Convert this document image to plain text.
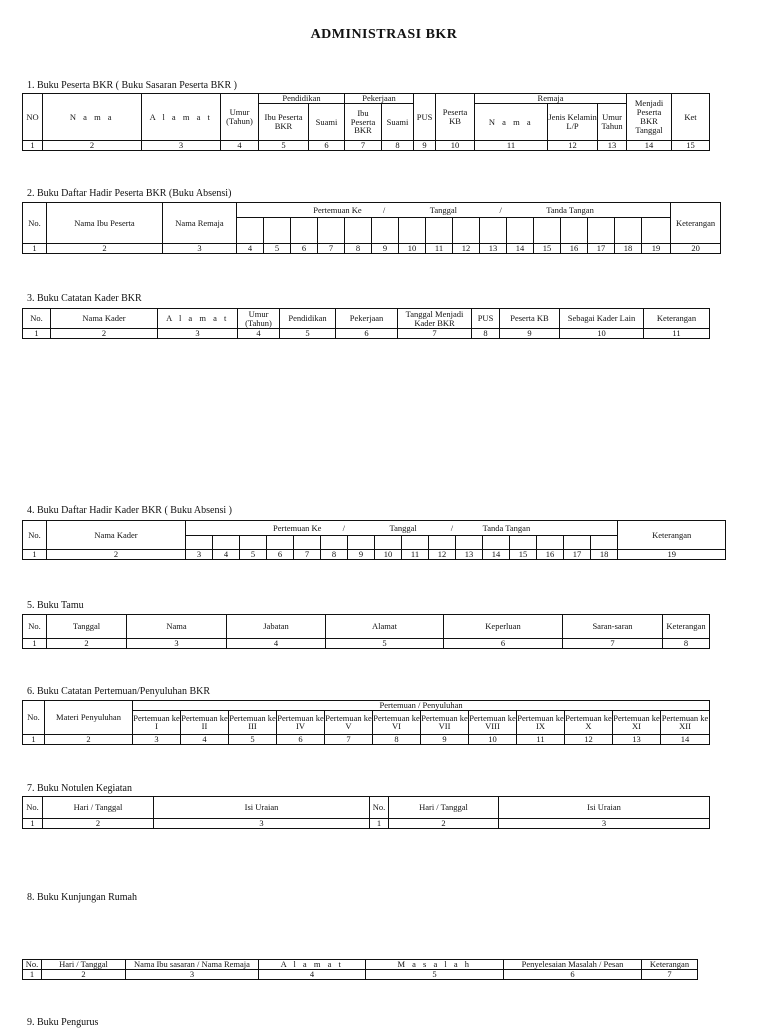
ADMINISTRASI BKR
1. Buku Peserta BKR ( Buku Sasaran Peserta BKR )
NO	N a m a	A l a m a t	Umur (Tahun)	Pendidikan		Pekerjaan		PUS	Peserta KB	Remaja			Menjadi Peserta BKR Tanggal	Ket
				Ibu Peserta BKR	Suami	Ibu Peserta BKR	Suami			N a m a	Jenis Kelamin L/P	Umur Tahun		
1	2	3	4	5	6	7	8	9	10	11	12	13	14	15
2. Buku Daftar Hadir Peserta BKR (Buku Absensi)
No.	Nama Ibu Peserta	Nama Remaja	Pertemuan Ke          /                     Tanggal                    /                     Tanda Tangan																Keterangan

1	2	3	4	5	6	7	8	9	10	11	12	13	14	15	16	17	18	19	20
3. Buku Catatan Kader BKR
No.	Nama Kader	A l a m a t	Umur (Tahun)	Pendidikan	Pekerjaan	Tanggal Menjadi Kader BKR	PUS	Peserta KB	Sebagai Kader Lain	Keterangan
1	2	3	4	5	6	7	8	9	10	11
4. Buku Daftar Hadir Kader BKR ( Buku Absensi )
No.	Nama Kader	Pertemuan Ke          /                     Tanggal                /              Tanda Tangan																Keterangan

1	2	3	4	5	6	7	8	9	10	11	12	13	14	15	16	17	18	19
5. Buku Tamu
No.	Tanggal	Nama	Jabatan	Alamat	Keperluan	Saran-saran	Keterangan
1	2	3	4	5	6	7	8
6. Buku Catatan Pertemuan/Penyuluhan BKR
No.	Materi Penyuluhan	Pertemuan / Penyuluhan											
		Pertemuan ke I	Pertemuan ke II	Pertemuan ke III	Pertemuan ke IV	Pertemuan ke V	Pertemuan ke VI	Pertemuan ke VII	Pertemuan ke VIII	Pertemuan ke IX	Pertemuan ke X	Pertemuan ke XI	Pertemuan ke XII
1	2	3	4	5	6	7	8	9	10	11	12	13	14
7. Buku Notulen Kegiatan
No.	Hari / Tanggal	Isi Uraian	No.	Hari / Tanggal	Isi Uraian
1	2	3	1	2	3
8. Buku Kunjungan Rumah
No.	Hari / Tanggal	Nama Ibu sasaran / Nama Remaja	A l a m a t	M a s a l a h	Penyelesaian Masalah / Pesan	Keterangan
1	2	3	4	5	6	7
9. Buku Pengurus
